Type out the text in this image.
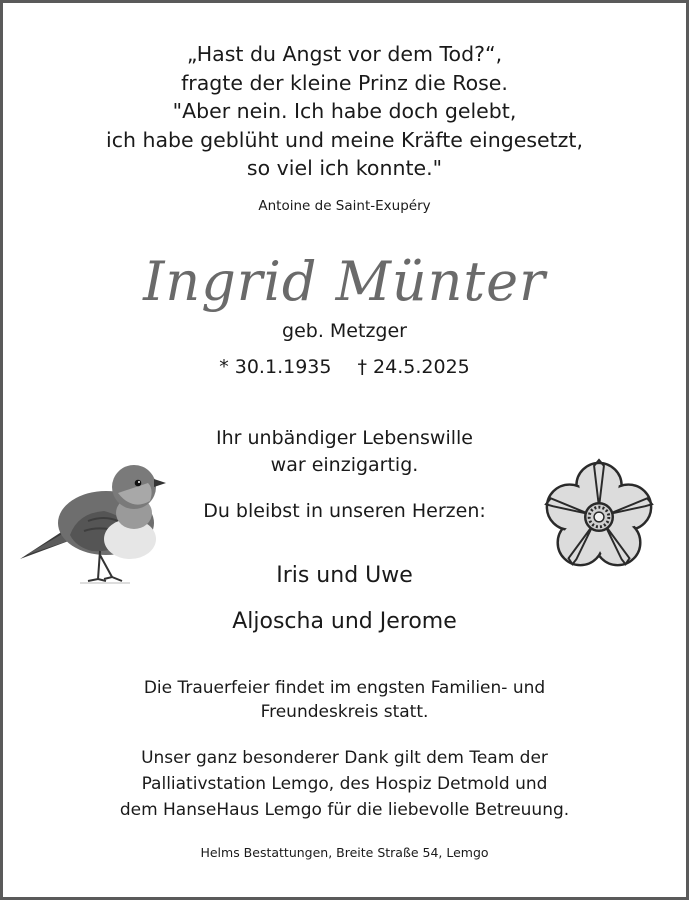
„Hast du Angst vor dem Tod?“,
fragte der kleine Prinz die Rose.
"Aber nein. Ich habe doch gelebt,
ich habe geblüht und meine Kräfte eingesetzt,
so viel ich konnte."
Antoine de Saint-Exupéry
Ingrid Münter
geb. Metzger
* 30.1.1935 † 24.5.2025
Ihr unbändiger Lebenswille
war einzigartig.
Du bleibst in unseren Herzen:
Iris und Uwe
Aljoscha und Jerome
Die Trauerfeier findet im engsten Familien- und
Freundeskreis statt.
Unser ganz besonderer Dank gilt dem Team der
Palliativstation Lemgo, des Hospiz Detmold und
dem HanseHaus Lemgo für die liebevolle Betreuung.
Helms Bestattungen, Breite Straße 54, Lemgo
